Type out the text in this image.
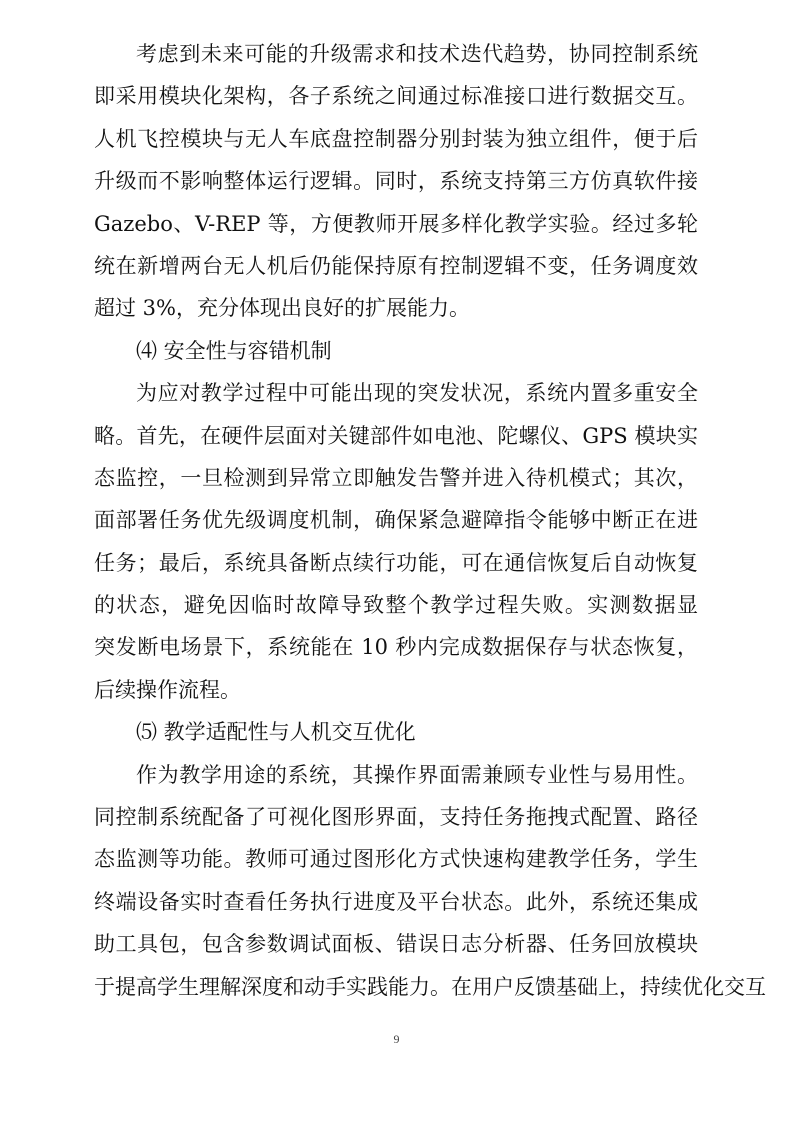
考虑到未来可能的升级需求和技术迭代趋势，协同控制系统
即采用模块化架构，各子系统之间通过标准接口进行数据交互。
人机飞控模块与无人车底盘控制器分别封装为独立组件，便于后
升级而不影响整体运行逻辑。同时，系统支持第三方仿真软件接
Gazebo、V-REP 等，方便教师开展多样化教学实验。经过多轮
统在新增两台无人机后仍能保持原有控制逻辑不变，任务调度效
超过 3%，充分体现出良好的扩展能力。
⑷ 安全性与容错机制
为应对教学过程中可能出现的突发状况，系统内置多重安全
略。首先，在硬件层面对关键部件如电池、陀螺仪、GPS 模块实
态监控，一旦检测到异常立即触发告警并进入待机模式；其次，
面部署任务优先级调度机制，确保紧急避障指令能够中断正在进
任务；最后，系统具备断点续行功能，可在通信恢复后自动恢复
的状态，避免因临时故障导致整个教学过程失败。实测数据显
突发断电场景下，系统能在 10 秒内完成数据保存与状态恢复，
后续操作流程。
⑸ 教学适配性与人机交互优化
作为教学用途的系统，其操作界面需兼顾专业性与易用性。
同控制系统配备了可视化图形界面，支持任务拖拽式配置、路径
态监测等功能。教师可通过图形化方式快速构建教学任务，学生
终端设备实时查看任务执行进度及平台状态。此外，系统还集成
助工具包，包含参数调试面板、错误日志分析器、任务回放模块
于提高学生理解深度和动手实践能力。在用户反馈基础上，持续优化交互
9
